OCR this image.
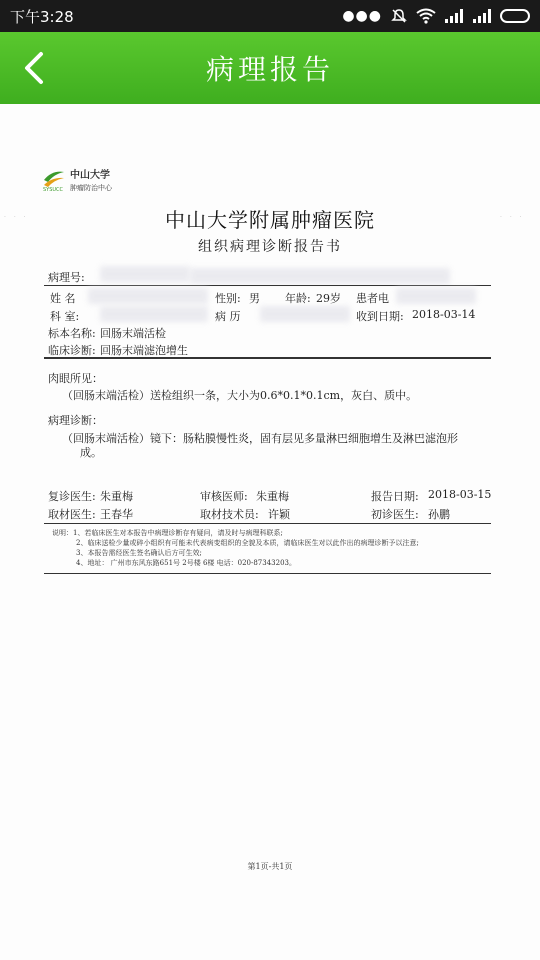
下午3:28	●●●
病理报告
· · ·	· · ·
SYSUCC
中山大学
肿瘤防治中心
中山大学附属肿瘤医院
组织病理诊断报告书
病理号:
姓 名	性别: 男 年龄: 29岁 患者电
科 室:	病 历	收到日期: 2018-03-14
标本名称: 回肠末端活检
临床诊断: 回肠末端滤泡增生
肉眼所见：
（回肠末端活检）送检组织一条，大小为0.6*0.1*0.1cm，灰白、质中。
病理诊断：
（回肠末端活检）镜下：肠粘膜慢性炎，固有层见多量淋巴细胞增生及淋巴滤泡形
成。
复诊医生: 朱重梅	审核医师: 朱重梅	报告日期: 2018-03-15
取材医生: 王春华	取材技术员: 许颖	初诊医生: 孙鹏
说明：1、若临床医生对本报告中病理诊断存有疑问，请及时与病理科联系;
2、临床送检少量或碎小组织有可能未代表病变组织的全貌及本质，请临床医生对以此作出的病理诊断予以注意;
3、本报告需经医生签名确认后方可生效;
4、地址： 广州市东风东路651号 2号楼 6楼 电话：020-87343203。
第1页-共1页
